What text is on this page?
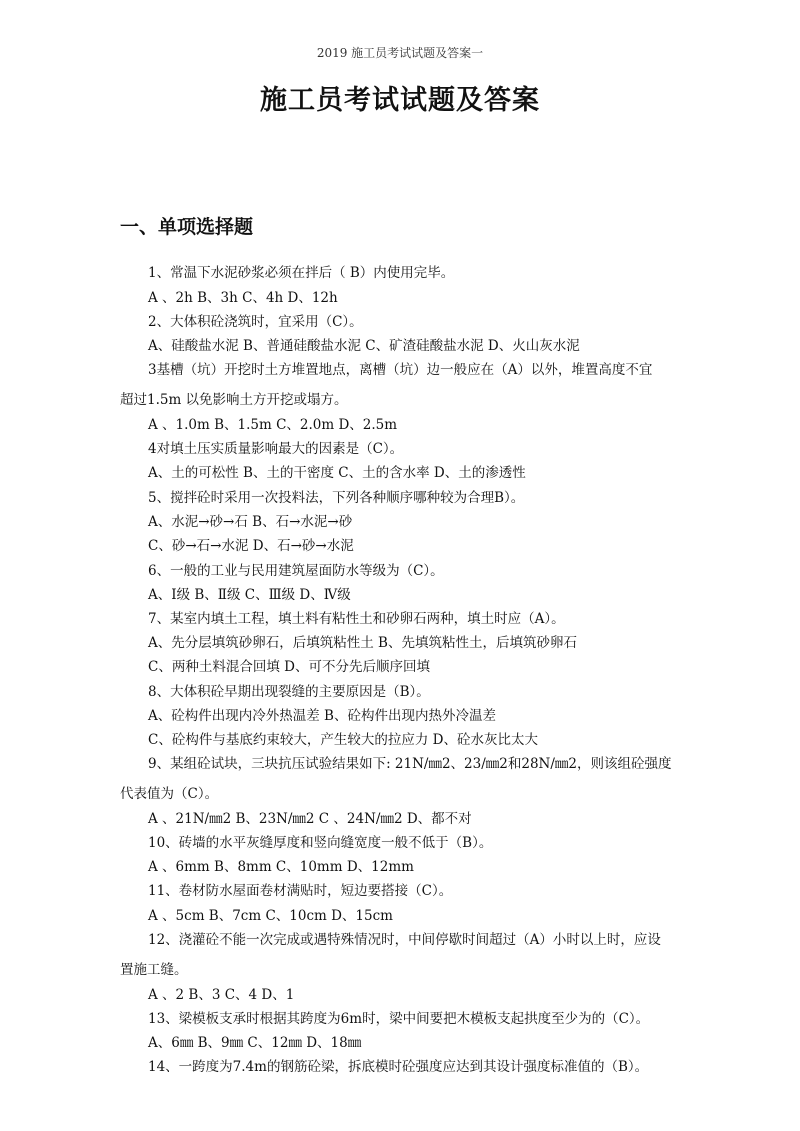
2019 施工员考试试题及答案一
施工员考试试题及答案
一、单项选择题
1、常温下水泥砂浆必须在拌后（ B）内使用完毕。
A 、2h B、3h C、4h D、12h
2、大体积砼浇筑时，宜采用（C）。
A、硅酸盐水泥 B、普通硅酸盐水泥 C、矿渣硅酸盐水泥 D、火山灰水泥
3基槽（坑）开挖时土方堆置地点，离槽（坑）边一般应在（A）以外，堆置高度不宜
超过1.5m 以免影响土方开挖或塌方。
A 、1.0m B、1.5m C、2.0m D、2.5m
4对填土压实质量影响最大的因素是（C）。
A、土的可松性 B、土的干密度 C、土的含水率 D、土的渗透性
5、搅拌砼时采用一次投料法，下列各种顺序哪种较为合理B）。
A、水泥→砂→石 B、石→水泥→砂
C、砂→石→水泥 D、石→砂→水泥
6、一般的工业与民用建筑屋面防水等级为（C）。
A、Ⅰ级 B、Ⅱ级 C、Ⅲ级 D、Ⅳ级
7、某室内填土工程，填土料有粘性土和砂卵石两种，填土时应（A）。
A、先分层填筑砂卵石，后填筑粘性土 B、先填筑粘性土，后填筑砂卵石
C、两种土料混合回填 D、可不分先后顺序回填
8、大体积砼早期出现裂缝的主要原因是（B）。
A、砼构件出现内冷外热温差 B、砼构件出现内热外冷温差
C、砼构件与基底约束较大，产生较大的拉应力 D、砼水灰比太大
9、某组砼试块，三块抗压试验结果如下: 21N/㎜2、23/㎜2和28N/㎜2，则该组砼强度
代表值为（C）。
A 、21N/㎜2 B、23N/㎜2 C 、24N/㎜2 D、都不对
10、砖墙的水平灰缝厚度和竖向缝宽度一般不低于（B）。
A 、6mm B、8mm C、10mm D、12mm
11、卷材防水屋面卷材满贴时，短边要搭接（C）。
A 、5cm B、7cm C、10cm D、15cm
12、浇灌砼不能一次完成或遇特殊情况时，中间停歇时间超过（A）小时以上时，应设
置施工缝。
A 、2 B、3 C、4 D、1
13、梁模板支承时根据其跨度为6m时，梁中间要把木模板支起拱度至少为的（C）。
A、6㎜ B、9㎜ C、12㎜ D、18㎜
14、一跨度为7.4m的钢筋砼梁，拆底模时砼强度应达到其设计强度标准值的（B）。
